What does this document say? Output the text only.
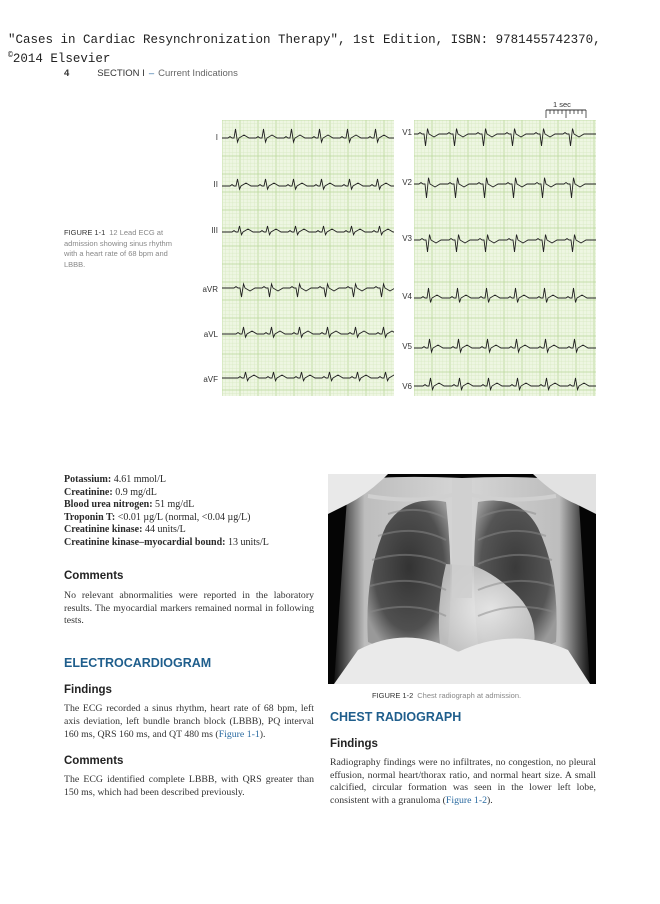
"Cases in Cardiac Resynchronization Therapy", 1st Edition, ISBN: 9781455742370,
©2014 Elsevier
4	SECTION I – Current Indications
1 sec
I
II
III
aVR
aVL
aVF
V1
V2
V3
V4
V5
V6
FIGURE 1-1 12 Lead ECG at admission showing sinus rhythm with a heart rate of 68 bpm and LBBB.
Potassium: 4.61 mmol/L
Creatinine: 0.9 mg/dL
Blood urea nitrogen: 51 mg/dL
Troponin T: <0.01 µg/L (normal, <0.04 µg/L)
Creatinine kinase: 44 units/L
Creatinine kinase–myocardial bound: 13 units/L
Comments

No relevant abnormalities were reported in the laboratory results. The myocardial markers remained normal in following tests.

ELECTROCARDIOGRAM
Findings

The ECG recorded a sinus rhythm, heart rate of 68 bpm, left axis deviation, left bundle branch block (LBBB), PQ interval 160 ms, QRS 160 ms, and QT 480 ms (Figure 1-1).

Comments

The ECG identified complete LBBB, with QRS greater than 150 ms, which had been described previously.

FIGURE 1-2 Chest radiograph at admission.
CHEST RADIOGRAPH
Findings

Radiography findings were no infiltrates, no congestion, no pleural effusion, normal heart/thorax ratio, and normal heart size. A small calcified, circular formation was seen in the lower left lobe, consistent with a granuloma (Figure 1-2).
